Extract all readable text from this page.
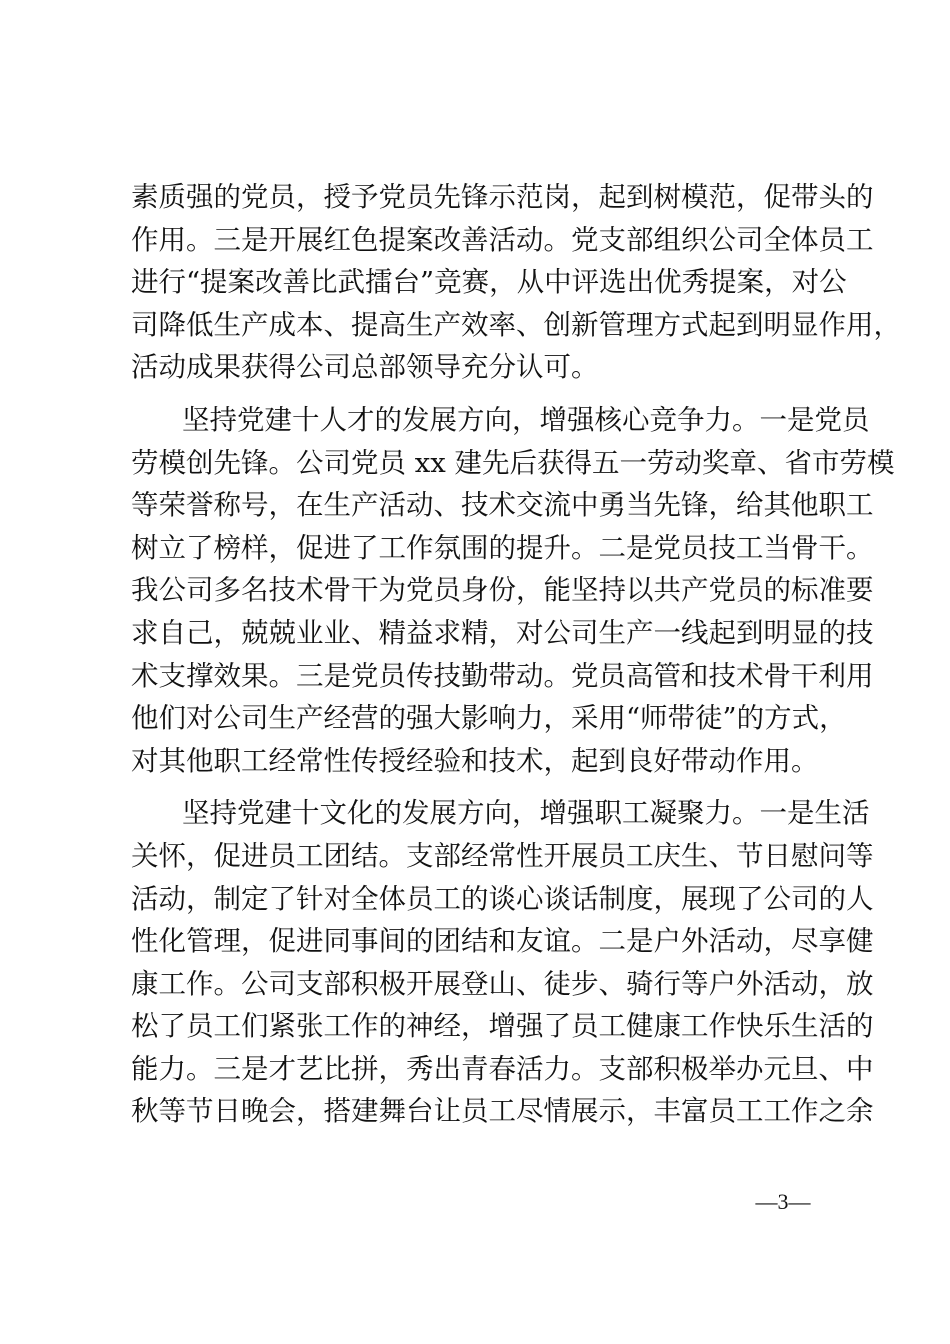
素质强的党员，授予党员先锋示范岗，起到树模范，促带头的
作用。三是开展红色提案改善活动。党支部组织公司全体员工
进行“提案改善比武擂台”竞赛，从中评选出优秀提案，对公
司降低生产成本、提高生产效率、创新管理方式起到明显作用，
活动成果获得公司总部领导充分认可。
坚持党建十人才的发展方向，增强核心竞争力。一是党员
劳模创先锋。公司党员 xx 建先后获得五一劳动奖章、省市劳模
等荣誉称号，在生产活动、技术交流中勇当先锋，给其他职工
树立了榜样，促进了工作氛围的提升。二是党员技工当骨干。
我公司多名技术骨干为党员身份，能坚持以共产党员的标准要
求自己，兢兢业业、精益求精，对公司生产一线起到明显的技
术支撑效果。三是党员传技勤带动。党员高管和技术骨干利用
他们对公司生产经营的强大影响力，采用“师带徒”的方式，
对其他职工经常性传授经验和技术，起到良好带动作用。
坚持党建十文化的发展方向，增强职工凝聚力。一是生活
关怀，促进员工团结。支部经常性开展员工庆生、节日慰问等
活动，制定了针对全体员工的谈心谈话制度，展现了公司的人
性化管理，促进同事间的团结和友谊。二是户外活动，尽享健
康工作。公司支部积极开展登山、徒步、骑行等户外活动，放
松了员工们紧张工作的神经，增强了员工健康工作快乐生活的
能力。三是才艺比拼，秀出青春活力。支部积极举办元旦、中
秋等节日晚会，搭建舞台让员工尽情展示，丰富员工工作之余
—3—
